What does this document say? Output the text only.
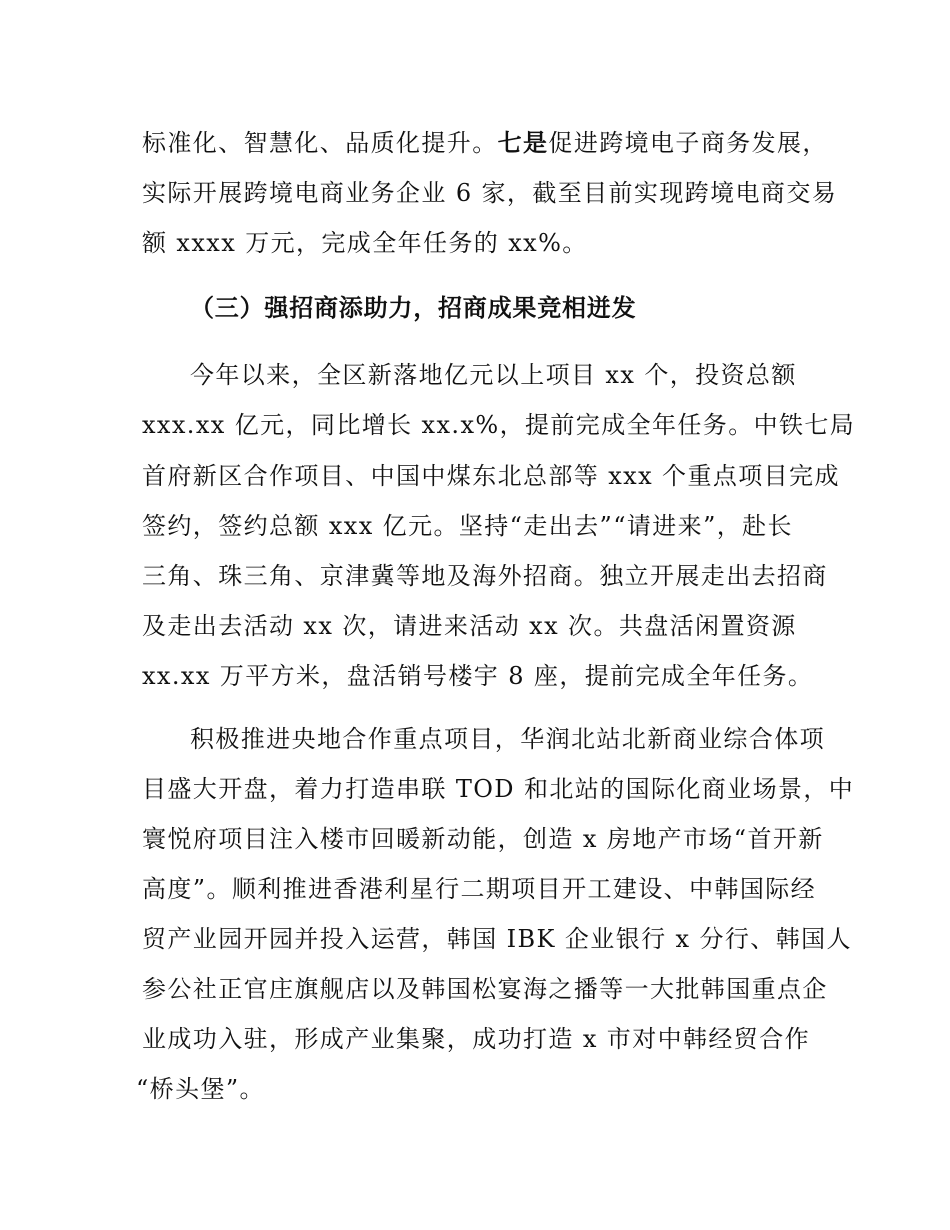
标准化、智慧化、品质化提升。七是促进跨境电子商务发展，
实际开展跨境电商业务企业 6 家，截至目前实现跨境电商交易
额 xxxx 万元，完成全年任务的 xx%。
（三）强招商添助力，招商成果竞相迸发
今年以来，全区新落地亿元以上项目 xx 个，投资总额
xxx.xx 亿元，同比增长 xx.x%，提前完成全年任务。中铁七局
首府新区合作项目、中国中煤东北总部等 xxx 个重点项目完成
签约，签约总额 xxx 亿元。坚持“走出去”“请进来”，赴长
三角、珠三角、京津冀等地及海外招商。独立开展走出去招商
及走出去活动 xx 次，请进来活动 xx 次。共盘活闲置资源
xx.xx 万平方米，盘活销号楼宇 8 座，提前完成全年任务。
积极推进央地合作重点项目，华润北站北新商业综合体项
目盛大开盘，着力打造串联 TOD 和北站的国际化商业场景，中
寰悦府项目注入楼市回暖新动能，创造 x 房地产市场“首开新
高度”。顺利推进香港利星行二期项目开工建设、中韩国际经
贸产业园开园并投入运营，韩国 IBK 企业银行 x 分行、韩国人
参公社正官庄旗舰店以及韩国松宴海之播等一大批韩国重点企
业成功入驻，形成产业集聚，成功打造 x 市对中韩经贸合作
“桥头堡”。
